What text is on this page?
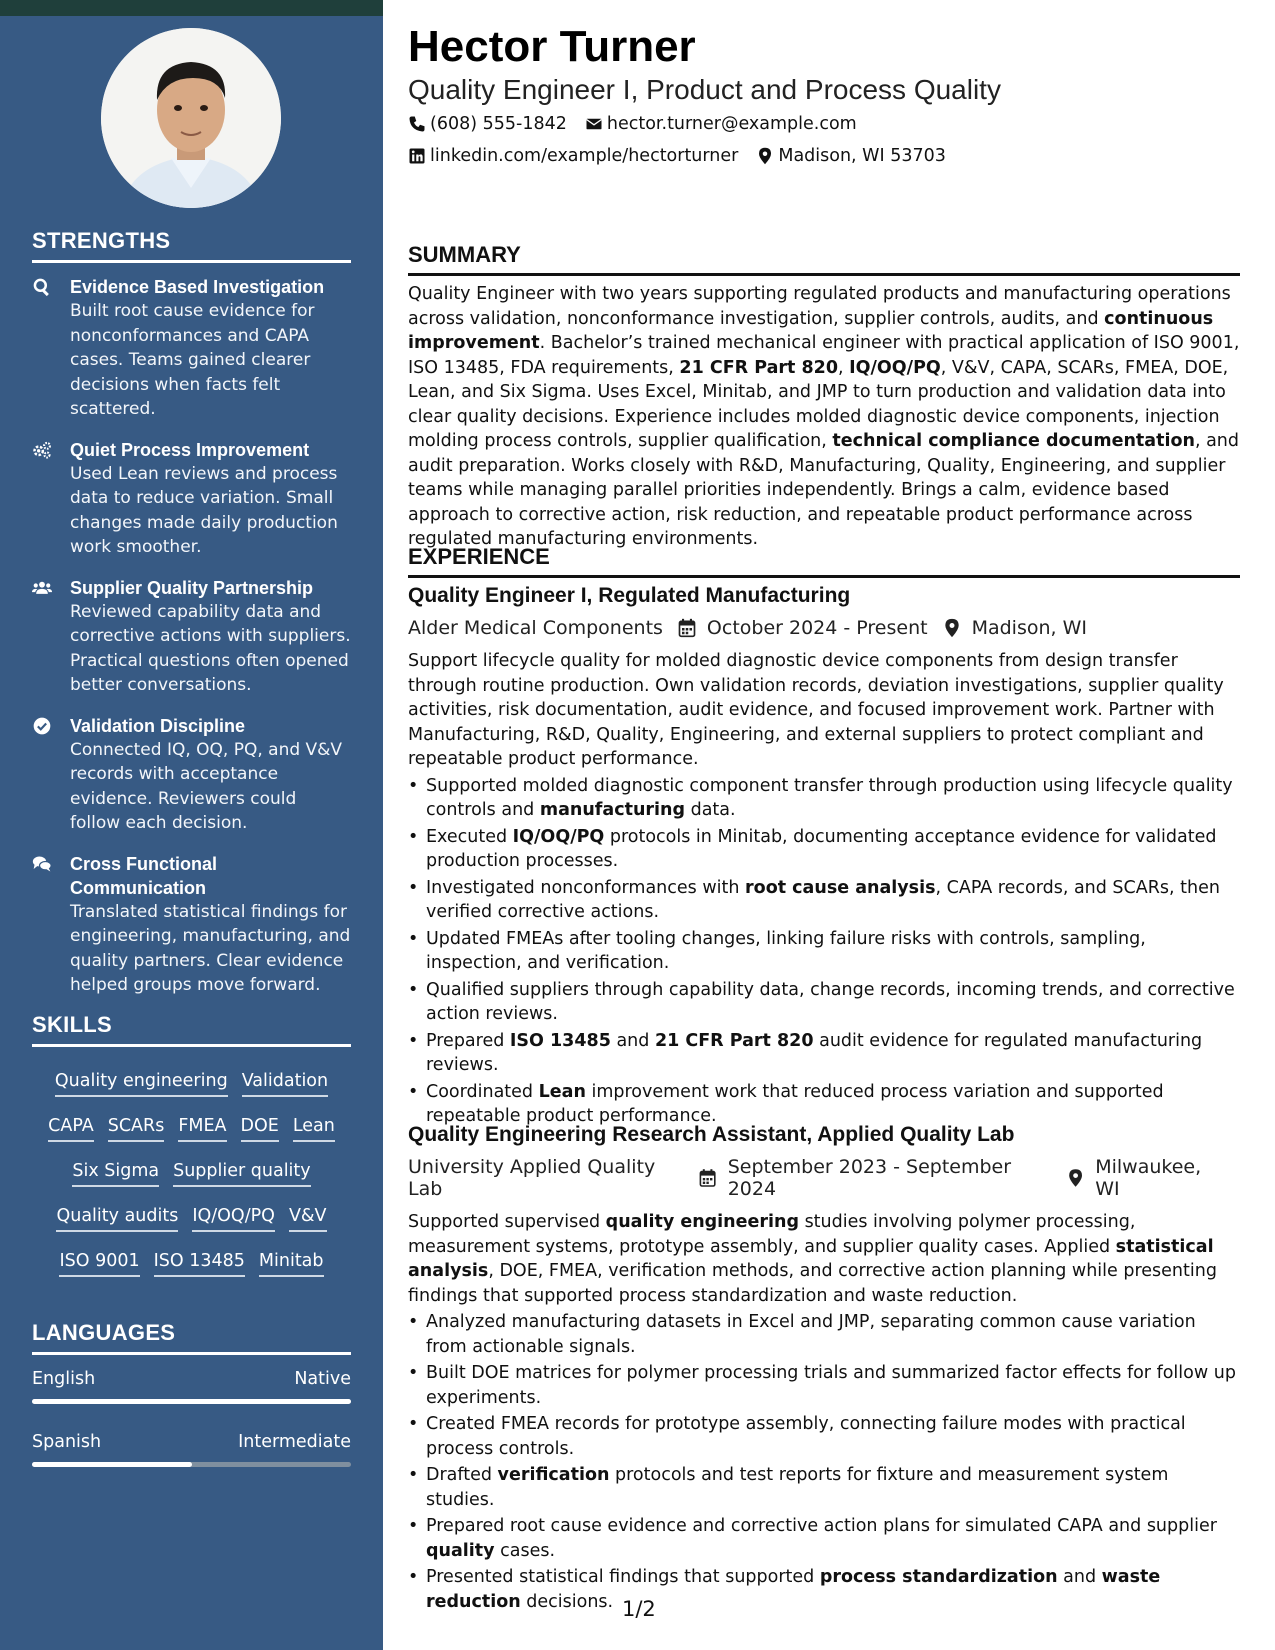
STRENGTHS
Evidence Based Investigation
Built root cause evidence for nonconformances and CAPA cases. Teams gained clearer decisions when facts felt scattered.
Quiet Process Improvement
Used Lean reviews and process data to reduce variation. Small changes made daily production work smoother.
Supplier Quality Partnership
Reviewed capability data and corrective actions with suppliers. Practical questions often opened better conversations.
Validation Discipline
Connected IQ, OQ, PQ, and V&V records with acceptance evidence. Reviewers could follow each decision.
Cross Functional Communication
Translated statistical findings for engineering, manufacturing, and quality partners. Clear evidence helped groups move forward.
SKILLS
Quality engineering Validation
CAPA SCARs FMEA DOE Lean
Six Sigma Supplier quality
Quality audits IQ/OQ/PQ V&V
ISO 9001 ISO 13485 Minitab
LANGUAGES
English	Native
Spanish	Intermediate
Hector Turner
Quality Engineer I, Product and Process Quality
(608) 555-1842 hector.turner@example.com
linkedin.com/example/hectorturner Madison, WI 53703
SUMMARY
Quality Engineer with two years supporting regulated products and manufacturing operations across validation, nonconformance investigation, supplier controls, audits, and continuous improvement. Bachelor’s trained mechanical engineer with practical application of ISO 9001, ISO 13485, FDA requirements, 21 CFR Part 820, IQ/OQ/PQ, V&V, CAPA, SCARs, FMEA, DOE, Lean, and Six Sigma. Uses Excel, Minitab, and JMP to turn production and validation data into clear quality decisions. Experience includes molded diagnostic device components, injection molding process controls, supplier qualification, technical compliance documentation, and audit preparation. Works closely with R&D, Manufacturing, Quality, Engineering, and supplier teams while managing parallel priorities independently. Brings a calm, evidence based approach to corrective action, risk reduction, and repeatable product performance across regulated manufacturing environments.
EXPERIENCE
Quality Engineer I, Regulated Manufacturing
Alder Medical Components October 2024 - Present Madison, WI
Support lifecycle quality for molded diagnostic device components from design transfer through routine production. Own validation records, deviation investigations, supplier quality activities, risk documentation, audit evidence, and focused improvement work. Partner with Manufacturing, R&D, Quality, Engineering, and external suppliers to protect compliant and repeatable product performance.
• Supported molded diagnostic component transfer through production using lifecycle quality controls and manufacturing data.
• Executed IQ/OQ/PQ protocols in Minitab, documenting acceptance evidence for validated production processes.
• Investigated nonconformances with root cause analysis, CAPA records, and SCARs, then verified corrective actions.
• Updated FMEAs after tooling changes, linking failure risks with controls, sampling, inspection, and verification.
• Qualified suppliers through capability data, change records, incoming trends, and corrective action reviews.
• Prepared ISO 13485 and 21 CFR Part 820 audit evidence for regulated manufacturing reviews.
• Coordinated Lean improvement work that reduced process variation and supported repeatable product performance.
Quality Engineering Research Assistant, Applied Quality Lab
University Applied Quality Lab
September 2023 - September 2024
Milwaukee, WI
Supported supervised quality engineering studies involving polymer processing, measurement systems, prototype assembly, and supplier quality cases. Applied statistical analysis, DOE, FMEA, verification methods, and corrective action planning while presenting findings that supported process standardization and waste reduction.
• Analyzed manufacturing datasets in Excel and JMP, separating common cause variation from actionable signals.
• Built DOE matrices for polymer processing trials and summarized factor effects for follow up experiments.
• Created FMEA records for prototype assembly, connecting failure modes with practical process controls.
• Drafted verification protocols and test reports for fixture and measurement system studies.
• Prepared root cause evidence and corrective action plans for simulated CAPA and supplier quality cases.
• Presented statistical findings that supported process standardization and waste reduction decisions. 1/2
